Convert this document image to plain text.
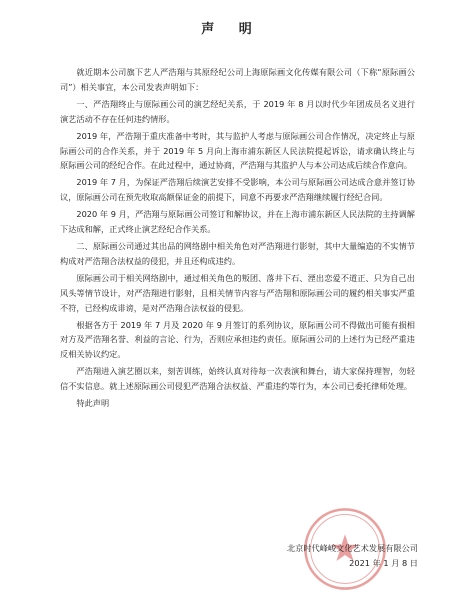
声 明

就近期本公司旗下艺人严浩翔与其原经纪公司上海原际画文化传媒有限公司（下称“原际画公司”）相关事宜，本公司发表声明如下：

一、严浩翔终止与原际画公司的演艺经纪关系，于 2019 年 8 月以时代少年团成员名义进行演艺活动不存在任何违约情形。

2019 年，严浩翔于重庆准备中考时，其与监护人考虑与原际画公司合作情况，决定终止与原际画公司的合作关系，并于 2019 年 5 月向上海市浦东新区人民法院提起诉讼，请求确认终止与原际画公司的经纪合作。在此过程中，通过协商，严浩翔与其监护人与本公司达成后续合作意向。

2019 年 7 月，为保证严浩翔后续演艺安排不受影响，本公司与原际画公司达成合意并签订协议，原际画公司在预先收取高额保证金的前提下，同意不再要求严浩翔继续履行经纪合同。

2020 年 9 月，严浩翔与原际画公司签订和解协议，并在上海市浦东新区人民法院的主持调解下达成和解，正式终止演艺经纪合作关系。

二、原际画公司通过其出品的网络剧中相关角色对严浩翔进行影射，其中大量编造的不实情节构成对严浩翔合法权益的侵犯，并且还构成违约。

原际画公司于相关网络剧中，通过相关角色的叛团、落井下石、湮出恋爱不道正、只为自己出风头等情节设计，对严浩翔进行影射，且相关情节内容与严浩翔和原际画公司的履约相关事实严重不符，已经构成诽谤，是对严浩翔合法权益的侵犯。

根据各方于 2019 年 7 月及 2020 年 9 月签订的系列协议，原际画公司不得做出可能有损相对方及严浩翔名誉、利益的言论、行为，否则应承担违约责任。原际画公司的上述行为已经严重违反相关协议约定。

严浩翔进入演艺圈以来，刻苦训练，始终认真对待每一次表演和舞台，请大家保持理智，勿轻信不实信息。就上述原际画公司侵犯严浩翔合法权益、严重违约等行为，本公司已委托律师处理。

特此声明

北京时代峰峻文化艺术发展有限公司
2021 年 1 月 8 日
